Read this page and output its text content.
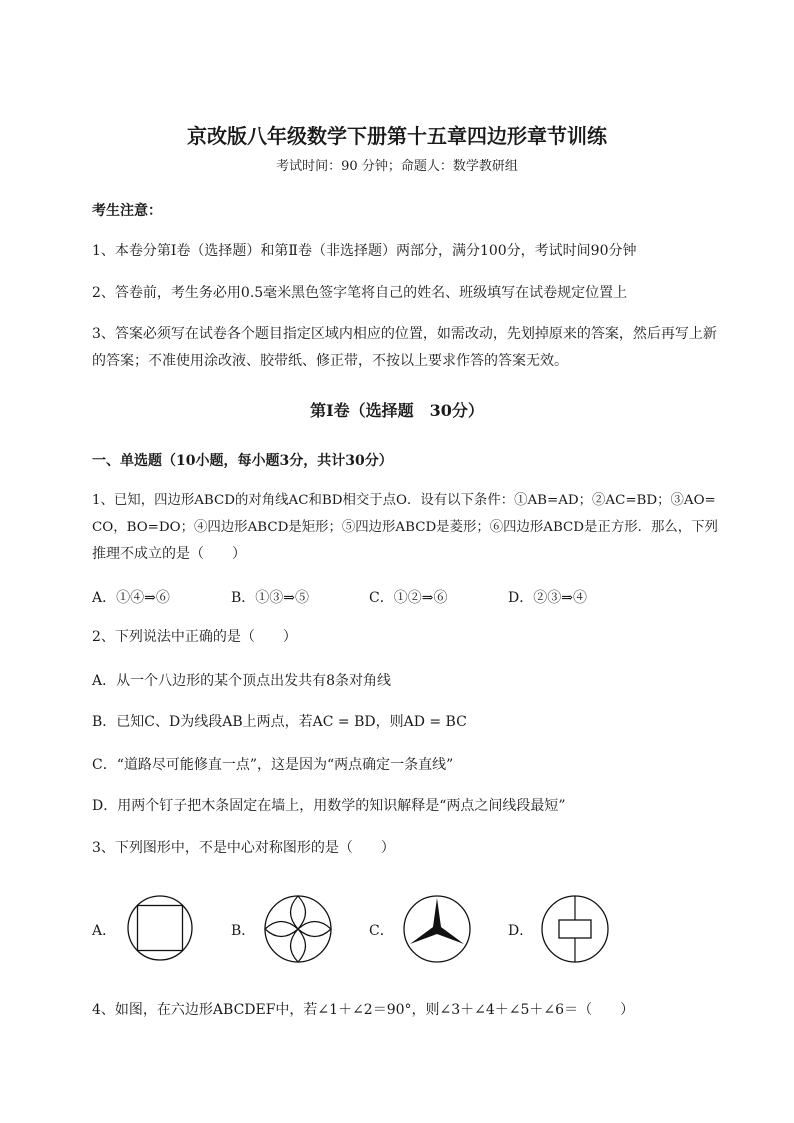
京改版八年级数学下册第十五章四边形章节训练
考试时间：90 分钟；命题人：数学教研组
考生注意：
1、本卷分第Ⅰ卷（选择题）和第Ⅱ卷（非选择题）两部分，满分100分，考试时间90分钟
2、答卷前，考生务必用0.5毫米黑色签字笔将自己的姓名、班级填写在试卷规定位置上
3、答案必须写在试卷各个题目指定区域内相应的位置，如需改动，先划掉原来的答案，然后再写上新
的答案；不准使用涂改液、胶带纸、修正带，不按以上要求作答的答案无效。
第Ⅰ卷（选择题　30分）
一、单选题（10小题，每小题3分，共计30分）
1、已知，四边形ABCD的对角线AC和BD相交于点O．设有以下条件：①AB=AD；②AC=BD；③AO=
CO，BO=DO；④四边形ABCD是矩形；⑤四边形ABCD是菱形；⑥四边形ABCD是正方形．那么，下列
推理不成立的是（　　）
A．①④⇒⑥	B．①③⇒⑤	C．①②⇒⑥	D．②③⇒④
2、下列说法中正确的是（　　）
A．从一个八边形的某个顶点出发共有8条对角线
B．已知C、D为线段AB上两点，若AC = BD，则AD = BC
C．“道路尽可能修直一点”，这是因为“两点确定一条直线”
D．用两个钉子把木条固定在墙上，用数学的知识解释是“两点之间线段最短”
3、下列图形中，不是中心对称图形的是（　　）
A．	B．	C．	D．
4、如图，在六边形ABCDEF中，若∠1＋∠2＝90°，则∠3＋∠4＋∠5＋∠6＝（　　）
